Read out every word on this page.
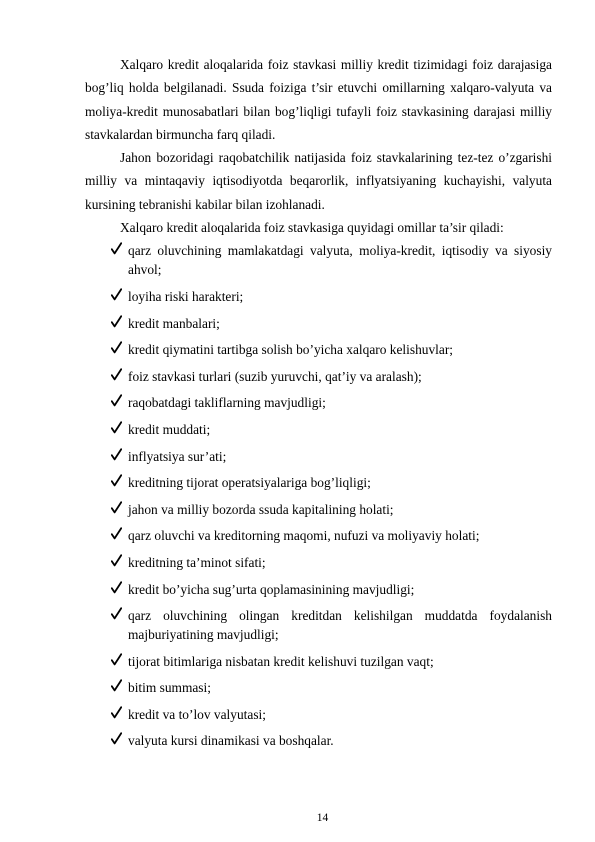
Xalqaro kredit aloqalarida foiz stavkasi milliy kredit tizimidagi foiz darajasiga bog’liq holda belgilanadi. Ssuda foiziga t’sir etuvchi omillarning xalqaro-valyuta va moliya-kredit munosabatlari bilan bog’liqligi tufayli foiz stavkasining darajasi milliy stavkalardan birmuncha farq qiladi.

Jahon bozoridagi raqobatchilik natijasida foiz stavkalarining tez-tez o’zgarishi milliy va mintaqaviy iqtisodiyotda beqarorlik, inflyatsiyaning kuchayishi, valyuta kursining tebranishi kabilar bilan izohlanadi.

Xalqaro kredit aloqalarida foiz stavkasiga quyidagi omillar ta’sir qiladi:

qarz oluvchining mamlakatdagi valyuta, moliya-kredit, iqtisodiy va siyosiy ahvol;
loyiha riski harakteri;
kredit manbalari;
kredit qiymatini tartibga solish bo’yicha xalqaro kelishuvlar;
foiz stavkasi turlari (suzib yuruvchi, qat’iy va aralash);
raqobatdagi takliflarning mavjudligi;
kredit muddati;
inflyatsiya sur’ati;
kreditning tijorat operatsiyalariga bog’liqligi;
jahon va milliy bozorda ssuda kapitalining holati;
qarz oluvchi va kreditorning maqomi, nufuzi va moliyaviy holati;
kreditning ta’minot sifati;
kredit bo’yicha sug’urta qoplamasinining mavjudligi;
qarz oluvchining olingan kreditdan kelishilgan muddatda foydalanish majburiyatining mavjudligi;
tijorat bitimlariga nisbatan kredit kelishuvi tuzilgan vaqt;
bitim summasi;
kredit va to’lov valyutasi;
valyuta kursi dinamikasi va boshqalar.
14
